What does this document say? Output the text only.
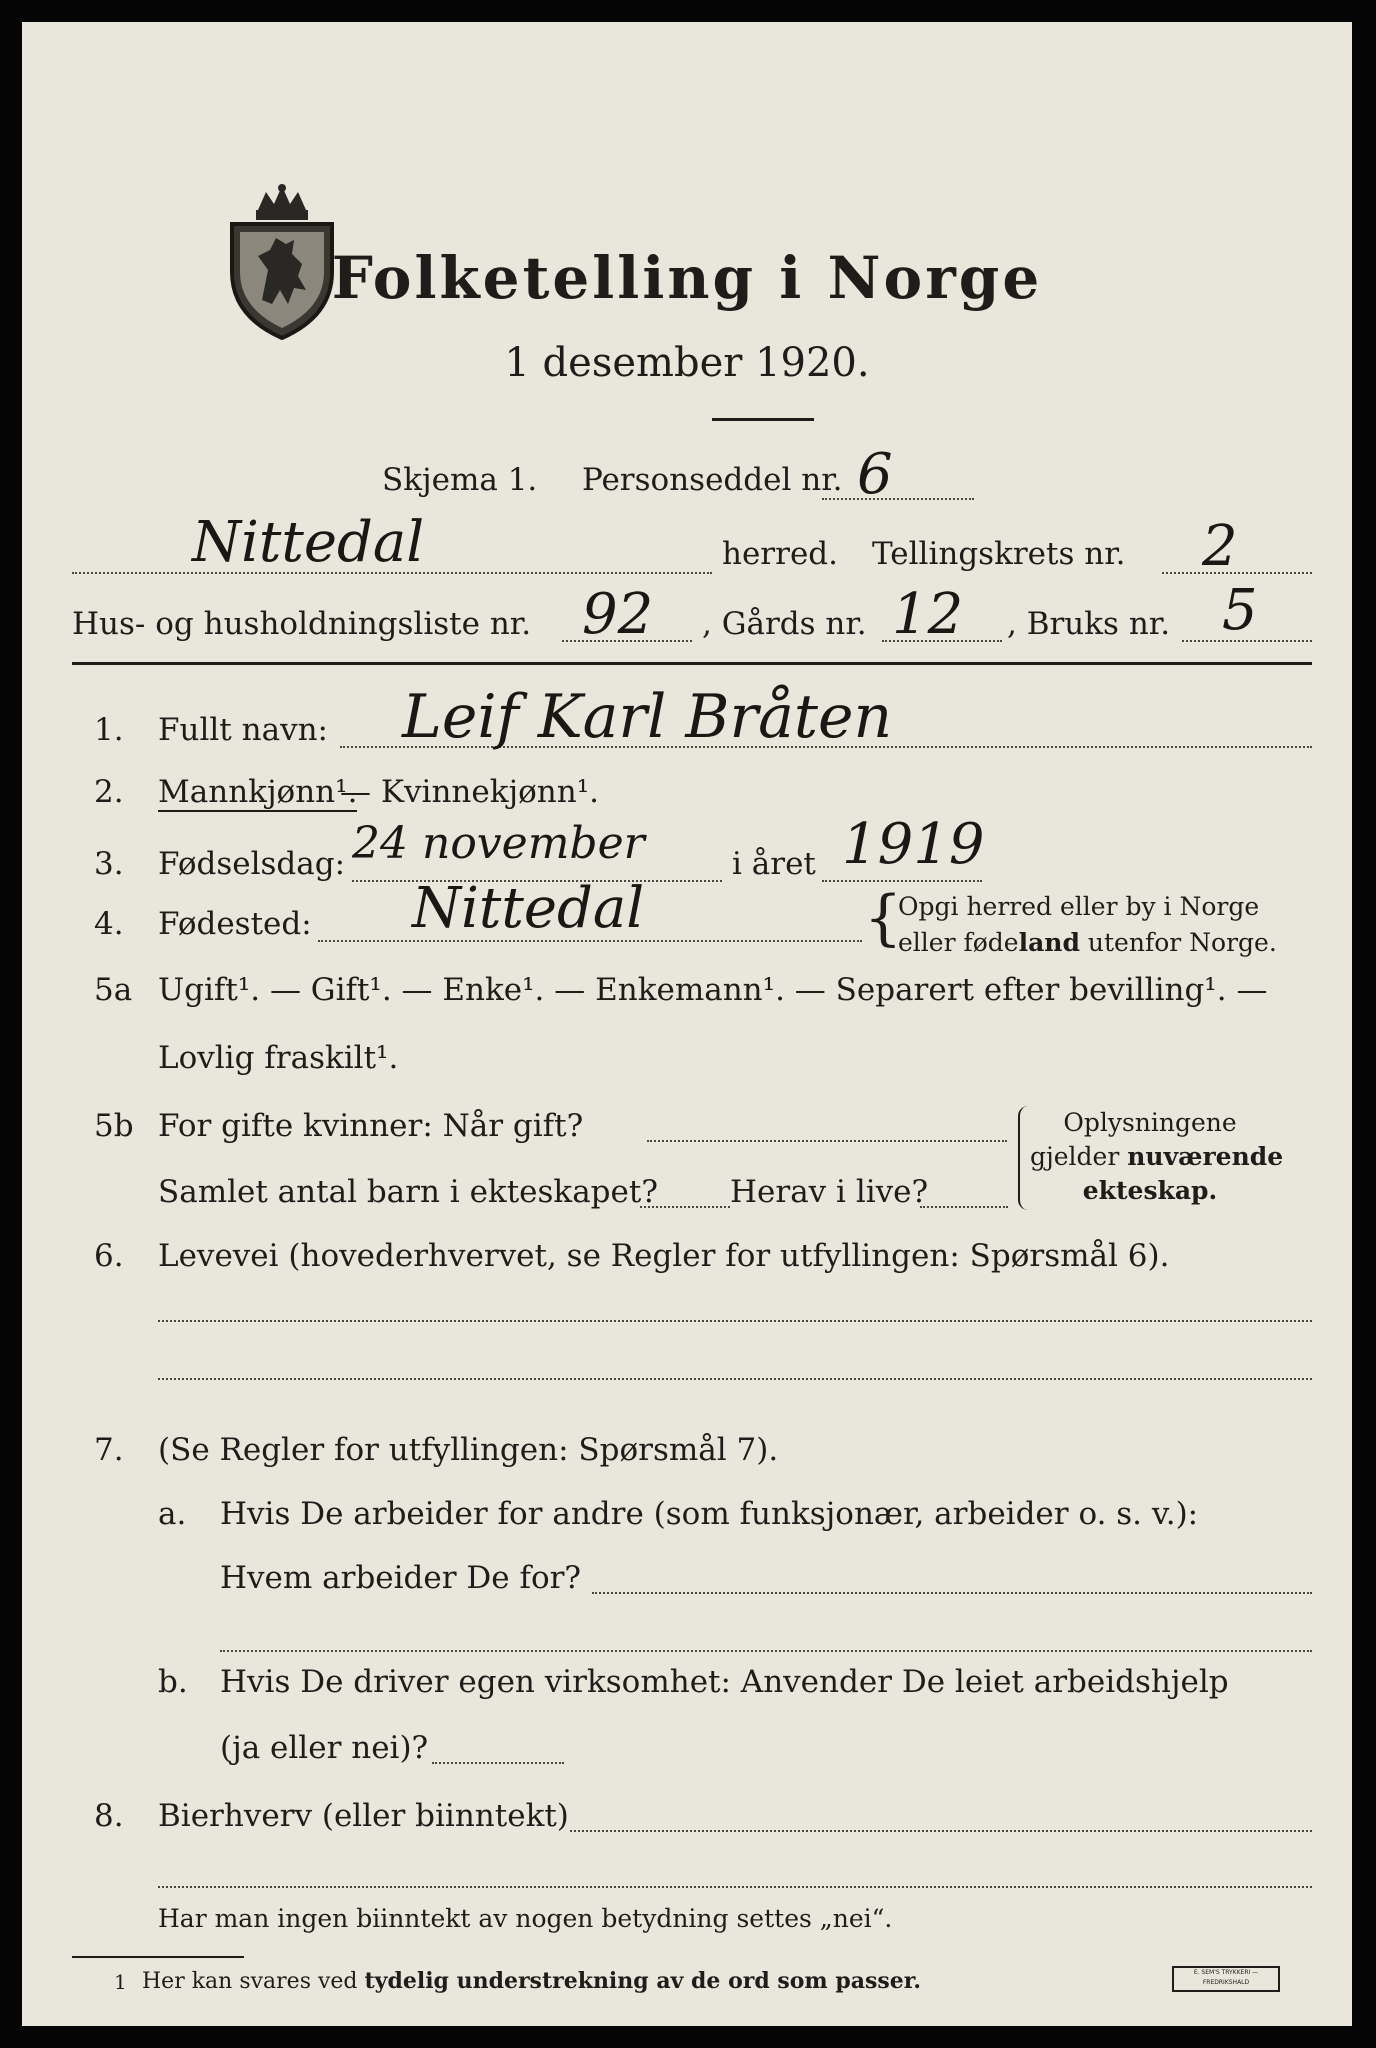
Folketelling i Norge
1 desember 1920.
Skjema 1. Personseddel nr. 6
Nittedal	herred. Tellingskrets nr. 2
Hus- og husholdningsliste nr. 92 , Gårds nr. 12 , Bruks nr. 5
1. Fullt navn: Leif Karl Bråten
2. Mannkjønn¹.
— Kvinnekjønn¹.
3. Fødselsdag: 24 november	i året 1919
4. Fødested: Nittedal	{
Opgi herred eller by i Norge
eller fødeland utenfor Norge.
5a Ugift¹. — Gift¹. — Enke¹. — Enkemann¹. — Separert efter bevilling¹. —
Lovlig fraskilt¹.
5b For gifte kvinner: Når gift?
Samlet antal barn i ekteskapet? Herav i live?
Oplysningene
gjelder nuværende
ekteskap.
6. Levevei (hovederhvervet, se Regler for utfyllingen: Spørsmål 6).
7. (Se Regler for utfyllingen: Spørsmål 7).
a. Hvis De arbeider for andre (som funksjonær, arbeider o. s. v.):
Hvem arbeider De for?
b. Hvis De driver egen virksomhet: Anvender De leiet arbeidshjelp
(ja eller nei)?
8. Bierhverv (eller biinntekt)
Har man ingen biinntekt av nogen betydning settes „nei“.
1 Her kan svares ved tydelig understrekning av de ord som passer.	E. SEM'S TRYKKERI — FREDRIKSHALD
